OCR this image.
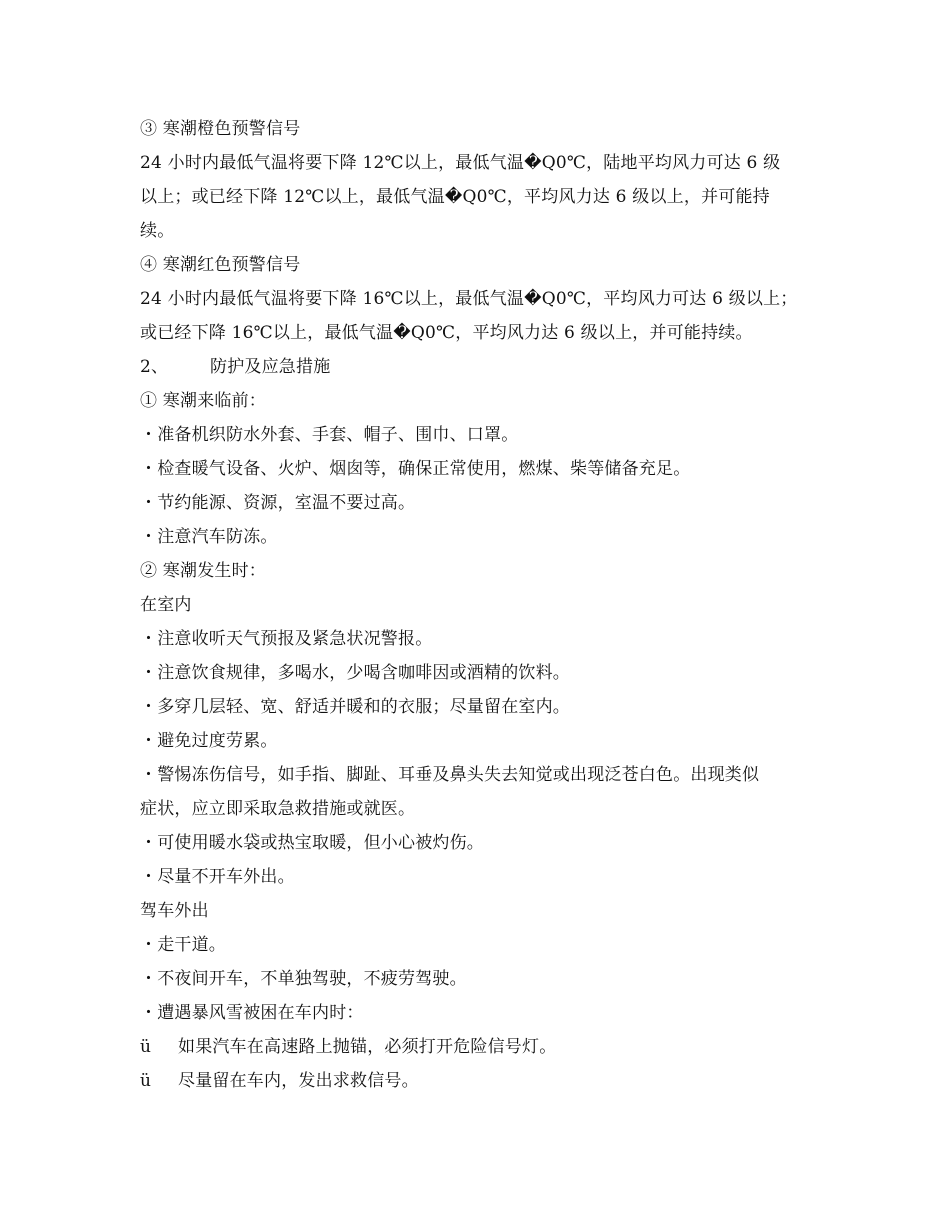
③ 寒潮橙色预警信号
24 小时内最低气温将要下降 12℃以上，最低气温�Q0℃，陆地平均风力可达 6 级
以上；或已经下降 12℃以上，最低气温�Q0℃，平均风力达 6 级以上，并可能持
续。
④ 寒潮红色预警信号
24 小时内最低气温将要下降 16℃以上，最低气温�Q0℃，平均风力可达 6 级以上；
或已经下降 16℃以上，最低气温�Q0℃，平均风力达 6 级以上，并可能持续。
2、 防护及应急措施
① 寒潮来临前：
・准备机织防水外套、手套、帽子、围巾、口罩。
・检查暖气设备、火炉、烟囱等，确保正常使用，燃煤、柴等储备充足。
・节约能源、资源，室温不要过高。
・注意汽车防冻。
② 寒潮发生时：
在室内
・注意收听天气预报及紧急状况警报。
・注意饮食规律，多喝水，少喝含咖啡因或酒精的饮料。
・多穿几层轻、宽、舒适并暖和的衣服；尽量留在室内。
・避免过度劳累。
・警惕冻伤信号，如手指、脚趾、耳垂及鼻头失去知觉或出现泛苍白色。出现类似
症状，应立即采取急救措施或就医。
・可使用暖水袋或热宝取暖，但小心被灼伤。
・尽量不开车外出。
驾车外出
・走干道。
・不夜间开车，不单独驾驶，不疲劳驾驶。
・遭遇暴风雪被困在车内时：
ü 如果汽车在高速路上抛锚，必须打开危险信号灯。
ü 尽量留在车内，发出求救信号。
